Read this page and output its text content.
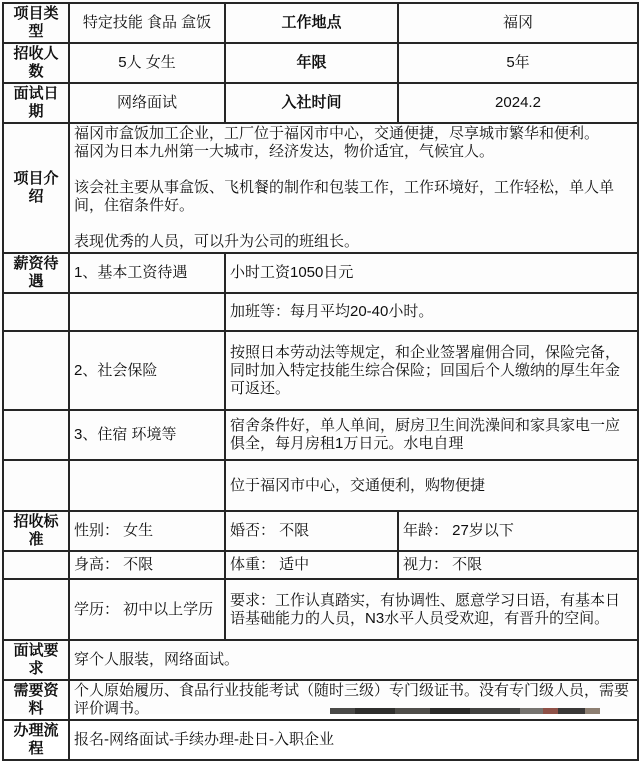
项目类型	特定技能 食品 盒饭	工作地点	福冈
招收人数	5人 女生	年限	5年
面试日期	网络面试	入社时间	2024.2
项目介绍	福冈市盒饭加工企业，工厂位于福冈市中心，交通便捷，尽享城市繁华和便利。
福冈为日本九州第一大城市，经济发达，物价适宜，气候宜人。
该会社主要从事盒饭、飞机餐的制作和包装工作，工作环境好，工作轻松，单人单间，住宿条件好。
表现优秀的人员，可以升为公司的班组长。		

薪资待遇	1、基本工资待遇	小时工资1050日元	
		加班等：每月平均20-40小时。	
	2、社会保险	按照日本劳动法等规定，和企业签署雇佣合同，保险完备，同时加入特定技能生综合保险；回国后个人缴纳的厚生年金可返还。	
	3、住宿 环境等	宿舍条件好，单人单间，厨房卫生间洗澡间和家具家电一应俱全，每月房租1万日元。水电自理	
		位于福冈市中心，交通便利，购物便捷	
招收标准	性别： 女生	婚否： 不限	年龄： 27岁以下
	身高： 不限	体重： 适中	视力： 不限
	学历： 初中以上学历	要求：工作认真踏实，有协调性、愿意学习日语，有基本日语基础能力的人员，N3水平人员受欢迎，有晋升的空间。	
面试要求	穿个人服装，网络面试。		
需要资料	个人原始履历、食品行业技能考试（随时三级）专门级证书。没有专门级人员，需要评价调书。		
办理流程	报名-网络面试-手续办理-赴日-入职企业		
